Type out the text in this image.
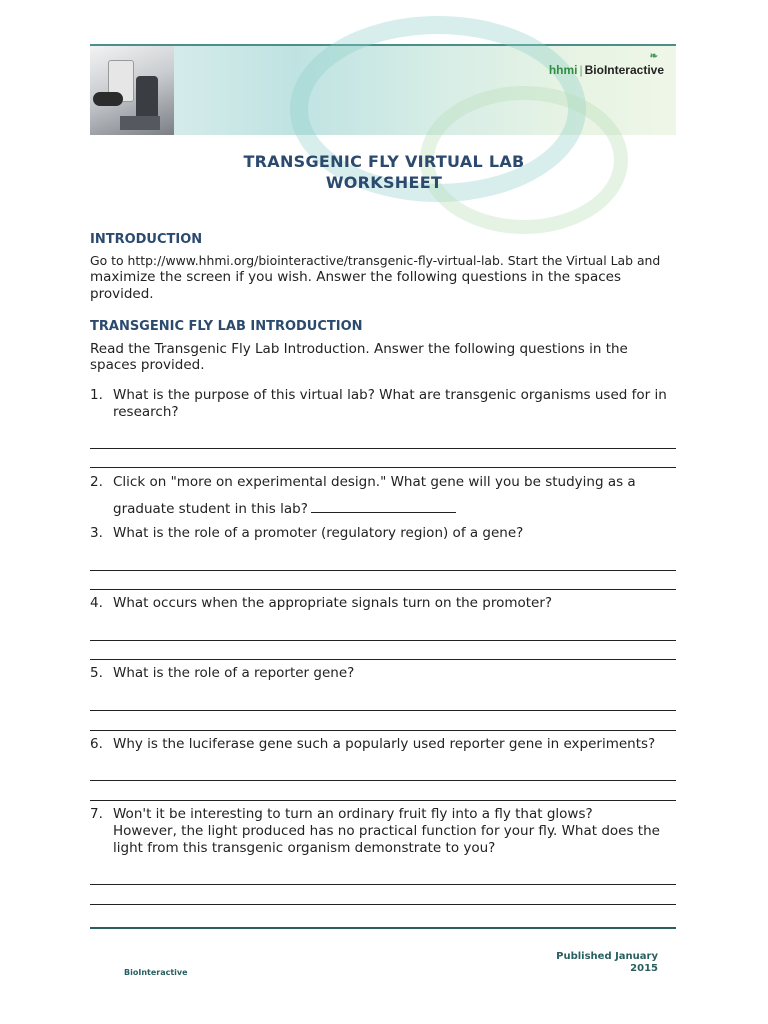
❧
hhmi | BioInteractive
TRANSGENIC FLY VIRTUAL LAB
WORKSHEET
INTRODUCTION
Go to http://www.hhmi.org/biointeractive/transgenic-fly-virtual-lab. Start the Virtual Lab and
maximize the screen if you wish. Answer the following questions in the spaces
provided.
TRANSGENIC FLY LAB INTRODUCTION
Read the Transgenic Fly Lab Introduction. Answer the following questions in the
spaces provided.
1. What is the purpose of this virtual lab? What are transgenic organisms used for in
research?
2. Click on "more on experimental design." What gene will you be studying as a
graduate student in this lab?
3. What is the role of a promoter (regulatory region) of a gene?
4. What occurs when the appropriate signals turn on the promoter?
5. What is the role of a reporter gene?
6. Why is the luciferase gene such a popularly used reporter gene in experiments?
7. Won't it be interesting to turn an ordinary fruit fly into a fly that glows?
However, the light produced has no practical function for your fly. What does the
light from this transgenic organism demonstrate to you?
Published January
2015
BioInteractive
